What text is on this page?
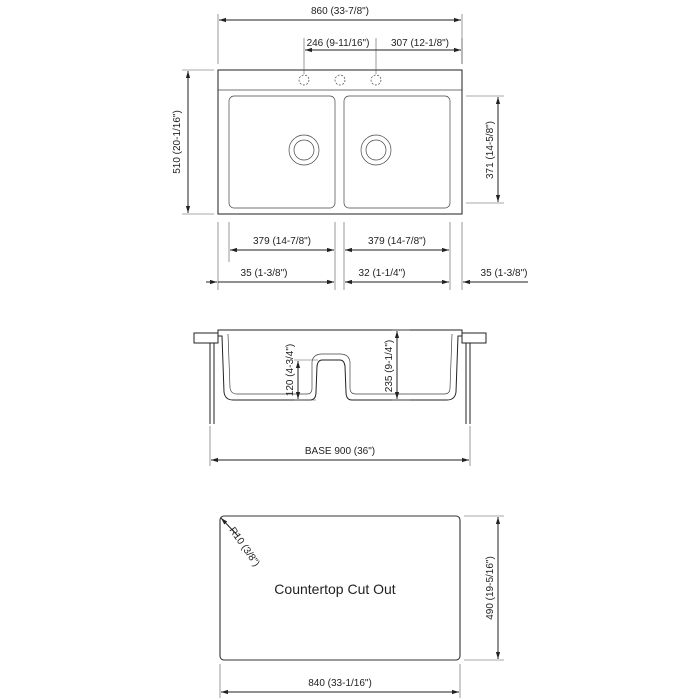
860 (33-7/8")
246 (9-11/16") 307 (12-1/8")
510 (20-1/16")	371 (14-5/8")
379 (14-7/8")	379 (14-7/8")
35 (1-3/8")	32 (1-1/4")	35 (1-3/8")
120 (4-3/4")	235 (9-1/4")
BASE 900 (36")
Countertop Cut Out
R10 (3/8")
490 (19-5/16")
840 (33-1/16")
